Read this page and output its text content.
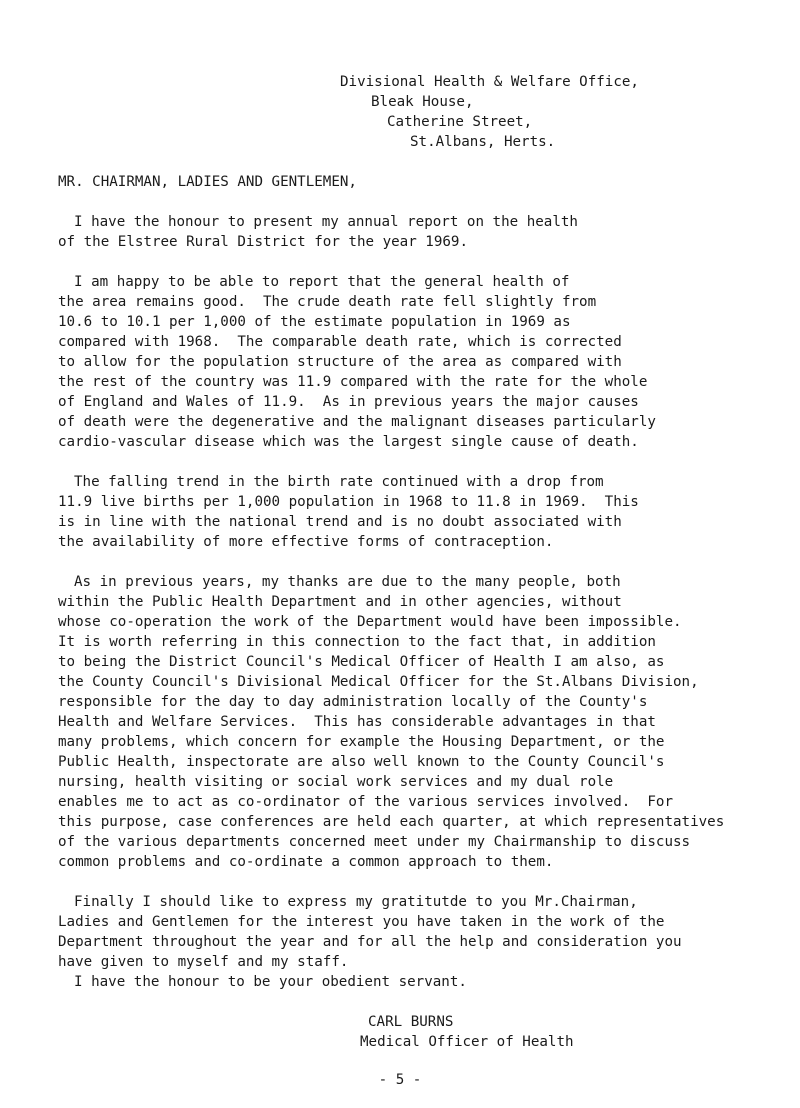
Divisional Health & Welfare Office,
Bleak House,
Catherine Street,
St.Albans, Herts.
MR. CHAIRMAN, LADIES AND GENTLEMEN,
I have the honour to present my annual report on the health
of the Elstree Rural District for the year 1969.
I am happy to be able to report that the general health of
the area remains good.  The crude death rate fell slightly from
10.6 to 10.1 per 1,000 of the estimate population in 1969 as
compared with 1968.  The comparable death rate, which is corrected
to allow for the population structure of the area as compared with
the rest of the country was 11.9 compared with the rate for the whole
of England and Wales of 11.9.  As in previous years the major causes
of death were the degenerative and the malignant diseases particularly
cardio-vascular disease which was the largest single cause of death.
The falling trend in the birth rate continued with a drop from
11.9 live births per 1,000 population in 1968 to 11.8 in 1969.  This
is in line with the national trend and is no doubt associated with
the availability of more effective forms of contraception.
As in previous years, my thanks are due to the many people, both
within the Public Health Department and in other agencies, without
whose co-operation the work of the Department would have been impossible.
It is worth referring in this connection to the fact that, in addition
to being the District Council's Medical Officer of Health I am also, as
the County Council's Divisional Medical Officer for the St.Albans Division,
responsible for the day to day administration locally of the County's
Health and Welfare Services.  This has considerable advantages in that
many problems, which concern for example the Housing Department, or the
Public Health, inspectorate are also well known to the County Council's
nursing, health visiting or social work services and my dual role
enables me to act as co-ordinator of the various services involved.  For
this purpose, case conferences are held each quarter, at which representatives
of the various departments concerned meet under my Chairmanship to discuss
common problems and co-ordinate a common approach to them.
Finally I should like to express my gratitutde to you Mr.Chairman,
Ladies and Gentlemen for the interest you have taken in the work of the
Department throughout the year and for all the help and consideration you
have given to myself and my staff.
I have the honour to be your obedient servant.
CARL BURNS
Medical Officer of Health
- 5 -
